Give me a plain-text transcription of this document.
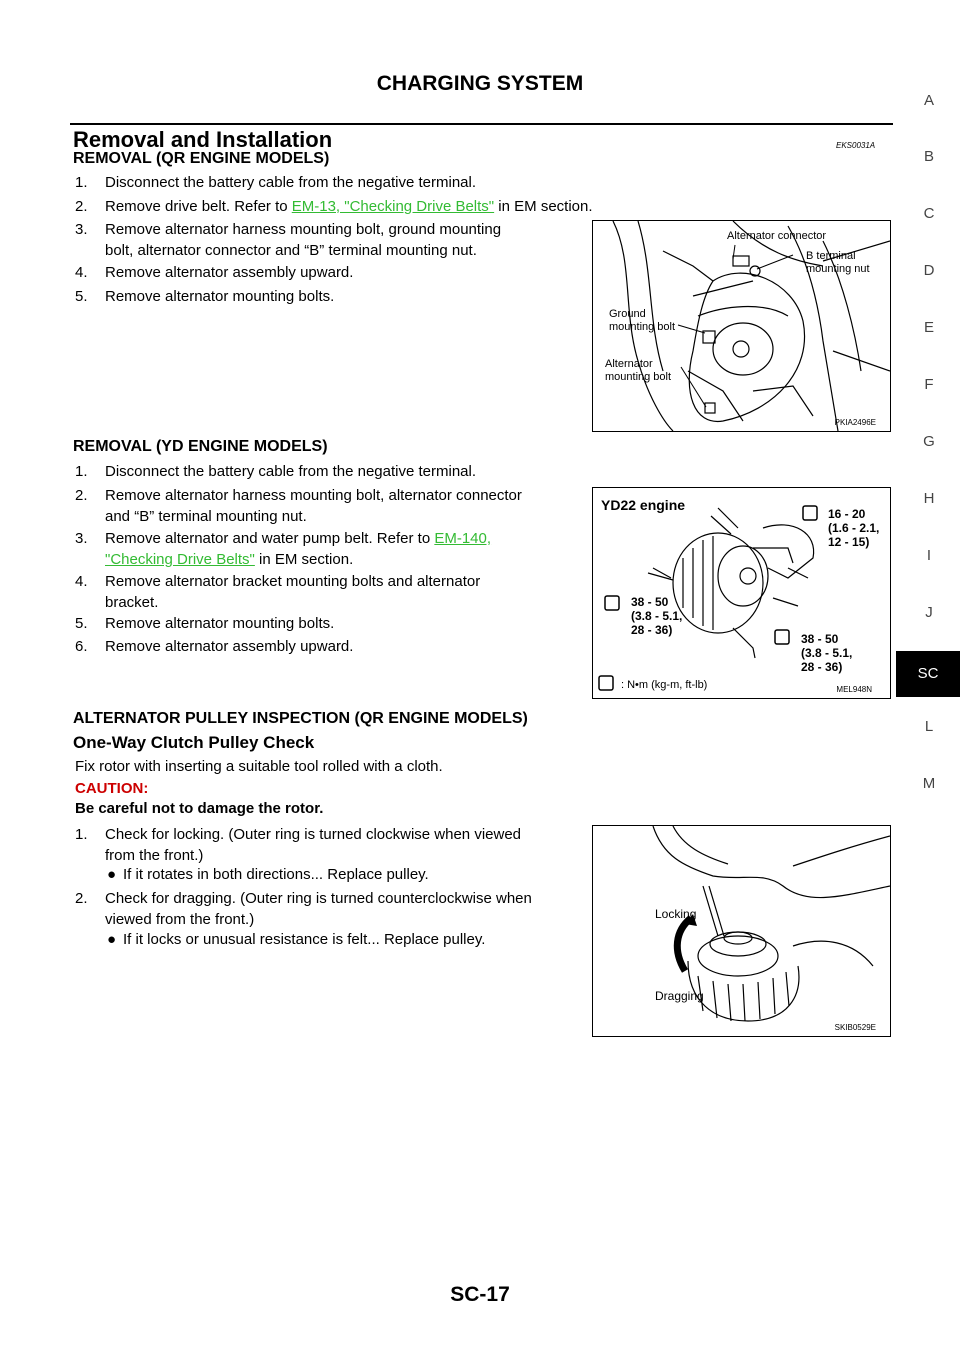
CHARGING SYSTEM
Removal and Installation	EKS0031A
REMOVAL (QR ENGINE MODELS)
1. Disconnect the battery cable from the negative terminal.
2. Remove drive belt. Refer to EM-13, "Checking Drive Belts" in EM section.
3. Remove alternator harness mounting bolt, ground mounting
bolt, alternator connector and “B” terminal mounting nut.
4. Remove alternator assembly upward.
5. Remove alternator mounting bolts.
Alternator connector
B terminal
mounting nut
Ground
mounting bolt
Alternator
mounting bolt
PKIA2496E
REMOVAL (YD ENGINE MODELS)
1. Disconnect the battery cable from the negative terminal.
2. Remove alternator harness mounting bolt, alternator connector
and “B” terminal mounting nut.
3. Remove alternator and water pump belt. Refer to EM-140,
"Checking Drive Belts" in EM section.
4. Remove alternator bracket mounting bolts and alternator
bracket.
5. Remove alternator mounting bolts.
6. Remove alternator assembly upward.
YD22 engine
16 - 20
(1.6 - 2.1,
12 - 15)
38 - 50
(3.8 - 5.1,
28 - 36)
38 - 50
(3.8 - 5.1,
28 - 36)
: N•m (kg-m, ft-lb)	MEL948N
ALTERNATOR PULLEY INSPECTION (QR ENGINE MODELS)
One-Way Clutch Pulley Check
Fix rotor with inserting a suitable tool rolled with a cloth.
CAUTION:
Be careful not to damage the rotor.
1. Check for locking. (Outer ring is turned clockwise when viewed
from the front.)
● If it rotates in both directions... Replace pulley.
2. Check for dragging. (Outer ring is turned counterclockwise when
viewed from the front.)
● If it locks or unusual resistance is felt... Replace pulley.
Locking
Dragging
SKIB0529E
A
B
C
D
E
F
G
H
I
J
L
M
SC
SC-17
